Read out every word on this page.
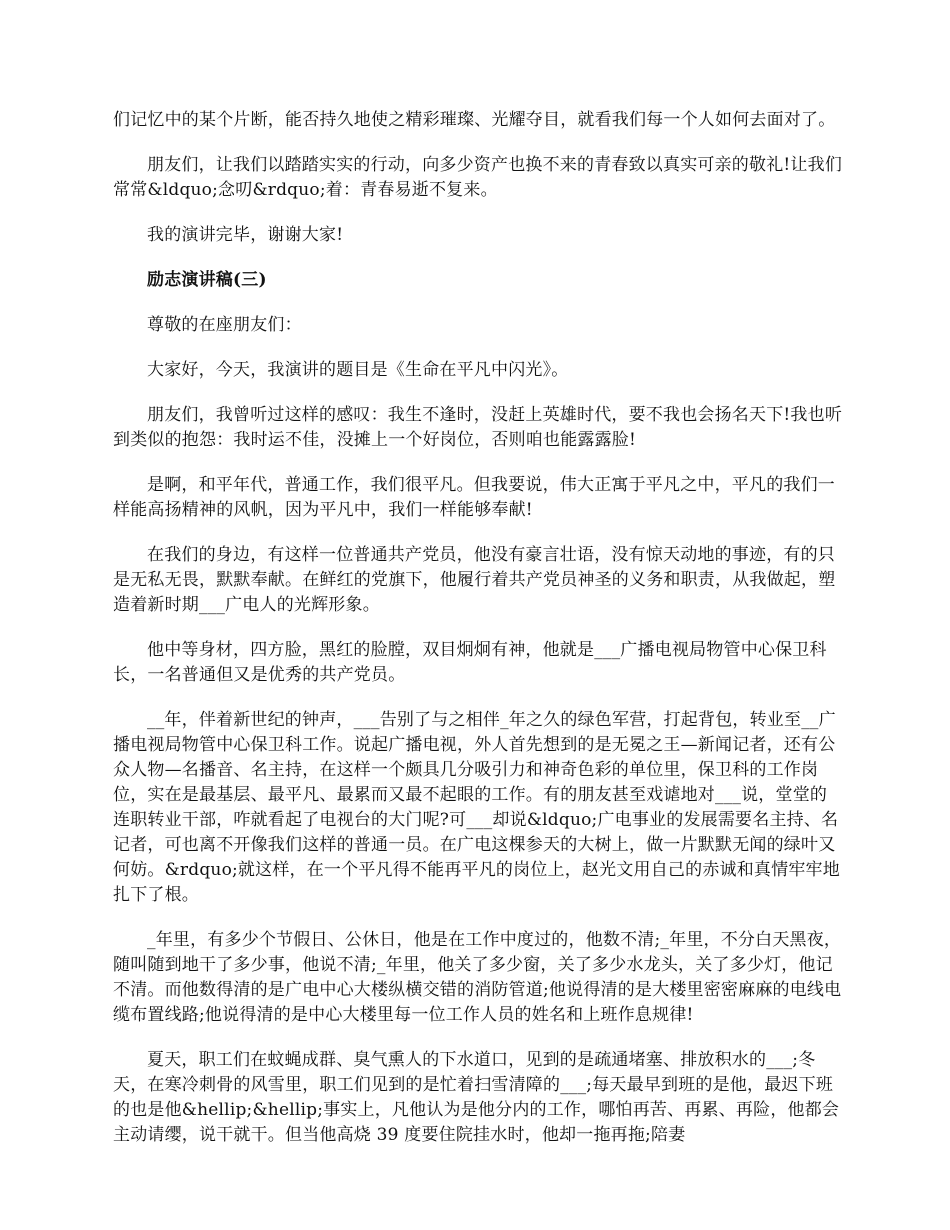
们记忆中的某个片断，能否持久地使之精彩璀璨、光耀夺目，就看我们每一个人如何去面对了。

朋友们，让我们以踏踏实实的行动，向多少资产也换不来的青春致以真实可亲的敬礼!让我们常常&ldquo;念叨&rdquo;着：青春易逝不复来。

我的演讲完毕，谢谢大家!

励志演讲稿(三)

尊敬的在座朋友们：

大家好，今天，我演讲的题目是《生命在平凡中闪光》。

朋友们，我曾听过这样的感叹：我生不逢时，没赶上英雄时代，要不我也会扬名天下!我也听到类似的抱怨：我时运不佳，没摊上一个好岗位，否则咱也能露露脸!

是啊，和平年代，普通工作，我们很平凡。但我要说，伟大正寓于平凡之中，平凡的我们一样能高扬精神的风帆，因为平凡中，我们一样能够奉献!

在我们的身边，有这样一位普通共产党员，他没有豪言壮语，没有惊天动地的事迹，有的只是无私无畏，默默奉献。在鲜红的党旗下，他履行着共产党员神圣的义务和职责，从我做起，塑造着新时期___广电人的光辉形象。

他中等身材，四方脸，黑红的脸膛，双目炯炯有神，他就是___广播电视局物管中心保卫科长，一名普通但又是优秀的共产党员。

__年，伴着新世纪的钟声，___告别了与之相伴_年之久的绿色军营，打起背包，转业至__广播电视局物管中心保卫科工作。说起广播电视，外人首先想到的是无冕之王—新闻记者，还有公众人物—名播音、名主持，在这样一个颇具几分吸引力和神奇色彩的单位里，保卫科的工作岗位，实在是最基层、最平凡、最累而又最不起眼的工作。有的朋友甚至戏谑地对___说，堂堂的连职转业干部，咋就看起了电视台的大门呢?可___却说&ldquo;广电事业的发展需要名主持、名记者，可也离不开像我们这样的普通一员。在广电这棵参天的大树上，做一片默默无闻的绿叶又何妨。&rdquo;就这样，在一个平凡得不能再平凡的岗位上，赵光文用自己的赤诚和真情牢牢地扎下了根。

_年里，有多少个节假日、公休日，他是在工作中度过的，他数不清;_年里，不分白天黑夜，随叫随到地干了多少事，他说不清;_年里，他关了多少窗，关了多少水龙头，关了多少灯，他记不清。而他数得清的是广电中心大楼纵横交错的消防管道;他说得清的是大楼里密密麻麻的电线电缆布置线路;他说得清的是中心大楼里每一位工作人员的姓名和上班作息规律!

夏天，职工们在蚊蝇成群、臭气熏人的下水道口，见到的是疏通堵塞、排放积水的___;冬天，在寒冷刺骨的风雪里，职工们见到的是忙着扫雪清障的___;每天最早到班的是他，最迟下班的也是他&hellip;&hellip;事实上，凡他认为是他分内的工作，哪怕再苦、再累、再险，他都会主动请缨，说干就干。但当他高烧 39 度要住院挂水时，他却一拖再拖;陪妻
